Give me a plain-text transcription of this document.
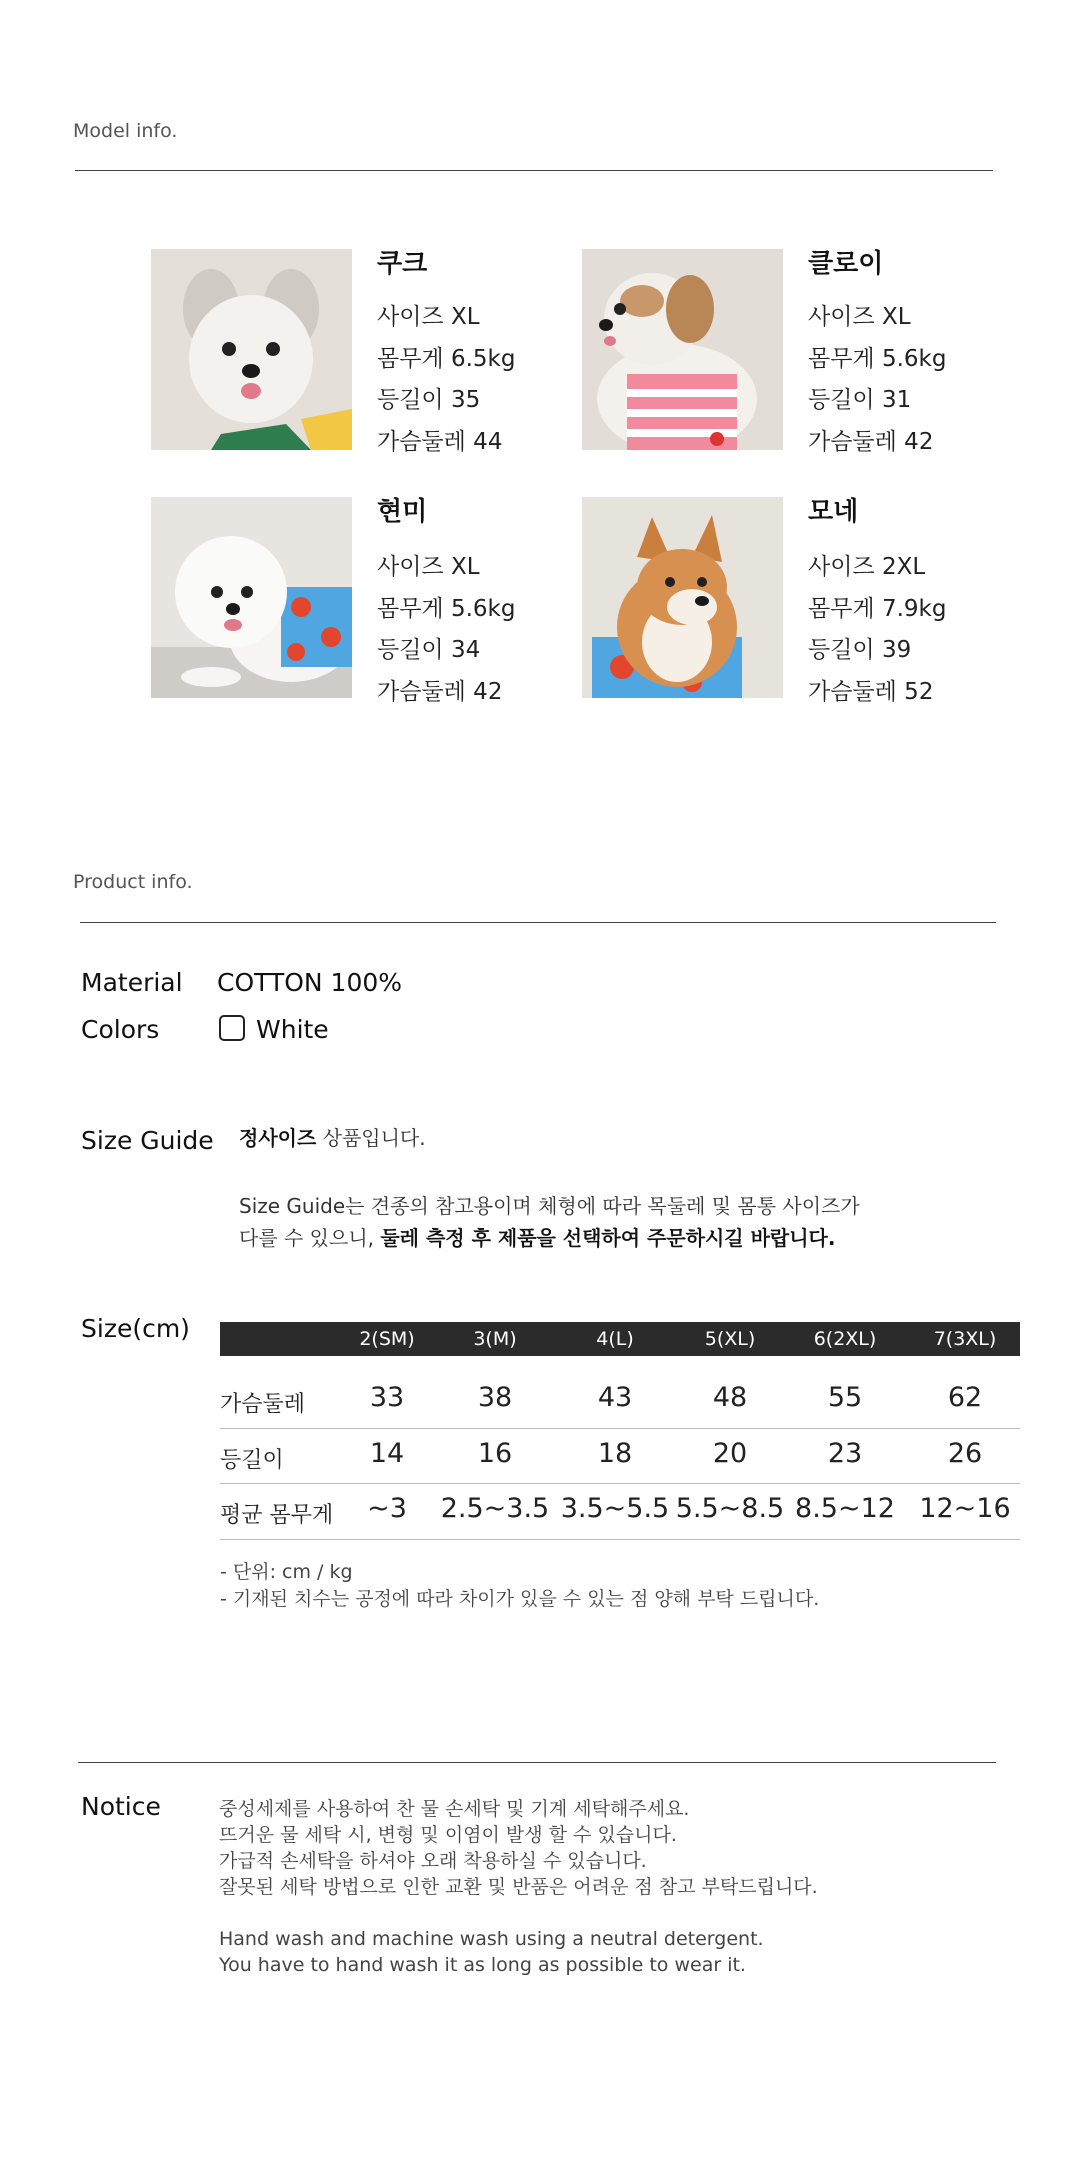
Model info.
쿠크
사이즈 XL
몸무게 6.5kg
등길이 35
가슴둘레 44
클로이
사이즈 XL
몸무게 5.6kg
등길이 31
가슴둘레 42
현미
사이즈 XL
몸무게 5.6kg
등길이 34
가슴둘레 42
모네
사이즈 2XL
몸무게 7.9kg
등길이 39
가슴둘레 52
Product info.
Material COTTON 100%
Colors	White
Size Guide 정사이즈 상품입니다.
Size Guide는 견종의 참고용이며 체형에 따라 목둘레 및 몸통 사이즈가
다를 수 있으니, 둘레 측정 후 제품을 선택하여 주문하시길 바랍니다.
Size(cm)	2(SM)	3(M)	4(L)	5(XL)	6(2XL)	7(3XL)
가슴둘레	33	38	43	48	55	62
등길이	14	16	18	20	23	26
평균 몸무게	~3	2.5~3.5 3.5~5.5 5.5~8.5 8.5~12 12~16
- 단위: cm / kg
- 기재된 치수는 공정에 따라 차이가 있을 수 있는 점 양해 부탁 드립니다.
Notice	중성세제를 사용하여 찬 물 손세탁 및 기계 세탁해주세요.
뜨거운 물 세탁 시, 변형 및 이염이 발생 할 수 있습니다.
가급적 손세탁을 하셔야 오래 착용하실 수 있습니다.
잘못된 세탁 방법으로 인한 교환 및 반품은 어려운 점 참고 부탁드립니다.
Hand wash and machine wash using a neutral detergent.
You have to hand wash it as long as possible to wear it.
